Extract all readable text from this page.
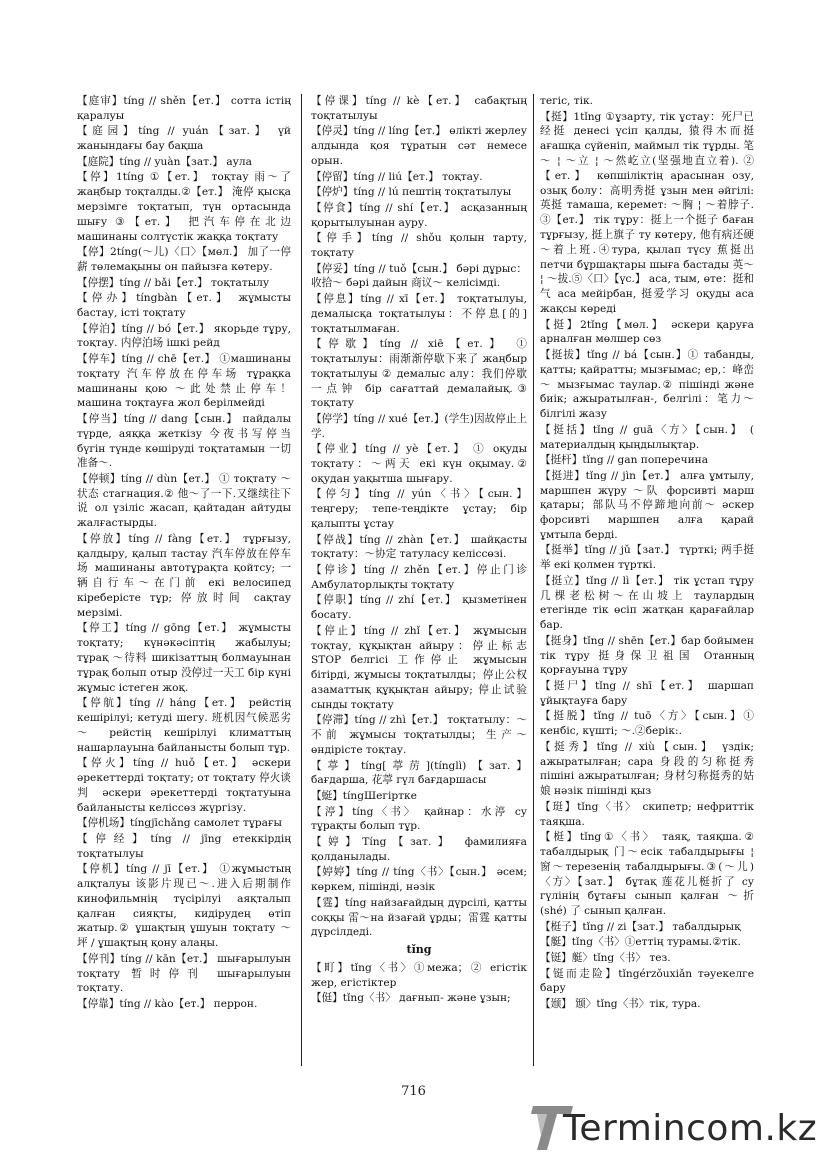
【庭审】tíng // shěn【ет.】 сотта істің қаралуы
【庭园】tíng // yuán【зат.】 үй жанындағы бау бақша
【庭院】tíng // yuàn【зат.】 аула
【停】1tíng ①【ет.】 тоқтау 雨～了 жаңбыр тоқталды.②【ет.】 淹停 қысқа мерзімге тоқтатып, түн ортасында шығу ③【ет.】 把汽车停在北边 машинаны солтүстік жаққа тоқтату
【停】2tíng(～儿)〈口〉【мөл.】 加了一停薪 төлемақыны он пайызға көтеру.
【停摆】tíng // bǎi【ет.】 тоқтатылу
【停办】tíngbàn【ет.】 жұмысты бастау, істі тоқтату
【停泊】tíng // bó【ет.】 якорьде тұру, тоқтау. 内停泊场 ішкі рейд
【停车】tíng // chē【ет.】 ①машинаны тоқтату 汽车停放在停车场 тұрақка машинаны қою ～此处禁止停车！ машина тоқтауға жол берілмейді
【停当】tíng // dang【сын.】 пайдалы түрде, аяққа жеткізу 今夜书写停当 бүгін түнде көшірудi тоқтатамын 一切准备～.
【停顿】tíng // dùn【ет.】 ① тоқтату ～状态 стагнация.② 他～了一下.又继续往下说 ол үзіліс жасап, қайтадан айтуды жалғастырды.
【停放】tíng // fàng【ет.】 тұрғызу, қалдыру, қалып тастау 汽车停放在停车场 машинаны автотұрақта қойтсу; 一辆自行车～在门前 екі велосипед кіреберісте тұр; 停放时间 сақтау мерзімі.
【停工】tíng // gōng【ет.】 жұмысты тоқтату; күнәкәсіптің жабылуы; тұрақ ～待料 шикізаттың болмауынан тұрақ болып отыр 没停过一天工 бір күні жұмыс істеген жоқ.
【停航】tíng // háng【ет.】 рейстің кешірілуі; кетуді шегу. 班机因气候恶劣～ рейстің кешірілуі климаттың нашарлауына байланысты болып тұр.
【停火】tíng // huǒ【ет.】 әскери әрекеттерді тоқтату; от тоқтату 停火谈判 әскери әрекеттерді тоқтатуына байланысты келіссөз жүргізу.
【停机场】tíngjīchǎng самолет тұрағы
【停经】tíng // jīng етеккірдің тоқтатылуы
【停机】tíng // jī【ет.】 ①жұмыстың алқталуы 该影片现已～.进入后期制作 кинофильмнің түсірілуі аяқталып қалған сияқты, кидірудең өтіп жатыр.② ұшақтың ұшуын тоқтату ～坪 / ұшақтың қону алаңы.
【停刊】tíng // kān【ет.】 шығарылуын тоқтату 暂时停刊 шығарылуын тоқтату.
【停靠】tíng // kào【ет.】 перрон.
【停课】tíng // kè【ет.】 сабақтың тоқтатылуы
【停灵】tíng // líng【ет.】 өлікті жерлеу алдында қоя тұратын сәт немесе орын.
【停留】tíng // liú【ет.】 тоқтау.
【停炉】tíng // lú пештің тоқтатылуы
【停食】tíng // shí【ет.】 асқазанның қорытылуынан ауру.
【停手】tíng // shǒu қолын тарту, тоқтату
【停妥】tíng // tuǒ【сын.】 бәрі дұрыс：收拾～ бәрі дайын 商议～ келісімді.
【停息】tíng // xī【ет.】 тоқтатылуы, демалысқа тоқтатылуы：不停息[的] тоқтатылмаған.
【停歇】tíng // xiē【ет.】 ① тоқтатылуы：雨渐渐停歇下来了 жаңбыр тоқтатылуы ② демалыс алу：我们停歇一点钟 бір сағаттай демалайық.③ тоқтату
【停学】tíng // xué【ет.】(学生)因故停止上学.
【停业】tíng // yè【ет.】 ① оқуды тоқтату：～两天 екі күн оқымау.② оқудан уақытша шығару.
【停匀】tíng // yún〈书〉【сын.】 теңгеру; тепе-теңдікте ұстау; бір қалыпты ұстау
【停战】tíng // zhàn【ет.】 шайқасты тоқтату：～协定 татуласу келіссөзі.
【停诊】tíng // zhěn【ет.】停止门诊 Амбулаторлықты тоқтату
【停职】tíng // zhí【ет.】 қызметінен босату.
【停止】tíng // zhǐ【ет.】 жұмысын тоқтау, құқықтан айыру：停止标志 STOP белгісі 工作停止 жұмысын бітірді, жұмысы тоқтатылды；停止公权 азаматтық құқықтан айыру; 停止试验 сынды тоқтату
【停滞】tíng // zhì【ет.】 тоқтатылу：～不前 жұмысы тоқтатылды；生产～ өндірісте тоқтау.
【葶】tíng[葶苈](tínglì)【зат.】 бағдарша, 花葶 гүл бағдаршасы
【蜓】tíngШегіртке
【渟】tíng〈书〉 қайнар：水渟 су тұрақты болып тұр.
【婷】Tíng【зат.】 фамилияға қолданылады.
【婷婷】tíng // tíng〈书〉【сын.】 әсем; көркем, пішінді, нәзік
【霆】tíng найзағайдың дүрсілі, қатты соққы 雷～на йзағай ұрды；雷霆 қатты дүрсілдеді.
tǐng
【町】tǐng〈书〉①межа；② егістік жер, егістіктер
【侹】tǐng〈书〉 дағнып- және ұзын;
тегіс, тік.
【挺】1tǐng ①ұзарту, тік ұстау：死尸已经挺 денесі үсіп қалды, 猿得木而挺 ағашқа сүйеніп, маймыл тік тұрды. 笔～ ¦ ～立 ¦ ～然屹立(坚强地直立着). ②【ет.】 көпшіліктің арасынан озу, озық болу：高明秀挺 ұзын мен әйгілі: 英挺 тамаша, керемет: ～胸 ¦ ～着脖子. ③【ет.】 тік тұру：挺上一个挺子 баған тұрғызу, 挺上旗子 ту көтеру, 他有病还硬～着上班.④тура, қылап түсу 蕉挺出 петчи бұршақтары шыға бастады 英～ ¦ ～拔.⑤〈口〉【үс.】 аса, тым, өте：挺和气 аса мейірбан, 挺爱学习 оқуды аса жақсы көреді
【挺】2tǐng【мөл.】 әскери қаруға арналған мөлшер сөз
【挺拔】tǐng // bá【сын.】① табанды, қатты; қайратты; мызғымас; ер,：峰峦～ мызғымас таулар.② пішінді және биік; ажыратылған-, белгілі：笔力～ білгілі жазу
【挺括】tǐng // guā〈方〉【сын.】 ( материалдың қыңдылықтар.
【挺杆】tǐng // gan поперечина
【挺进】tǐng // jìn【ет.】 алға ұмтылу, маршпен жүру ～队 форсивті марш қатары；部队马不停蹄地向前～ әскер форсивті маршпен алға қарай ұмтыла берді.
【挺举】tǐng // jǔ【зат.】 түрткі; 两手挺举 екі қолмен түрткі.
【挺立】tǐng // lì【ет.】 тік ұстап тұру 几棵老松树～在山坡上 таулардың етегінде тік өсіп жатқан қарағайлар бар.
【挺身】tǐng // shēn【ет.】бар бойымен тік тұру 挺身保卫祖国 Отанның қорғауына тұру
【挺尸】tǐng // shī【ет.】 шаршап ұйықтауға бару
【挺脱】tǐng // tuō〈方〉【сын.】① кенбіс, күшті; ～.②берік:.
【挺秀】tǐng // xiù【сын.】 үздік; ажыратылған; сара 身段的匀称挺秀 пішіні ажыратылған; 身材匀称挺秀的姑娘 нәзік пішінді қыз
【珽】tǐng〈书〉 скипетр; нефриттік таяқша.
【梃】tǐng①〈书〉 таяқ, таяқша.② табалдырық 门～есік табалдырығы ¦ 窗～терезенің табалдырығы.③(～儿)〈方〉【зат.】 бұтақ 莲花儿梃折了 су гүлінің бұтағы сынып қалған ～折(shé) 了 сынып қалған.
【梃子】tǐng // zi【зат.】 табалдырық
【艇】tǐng〈书〉①еттің турамы.②тік.
【铤】艇〉tǐng〈书〉 тез.
【铤而走险】tǐngérzǒuxiǎn тәуекелге бару
【颋】 颋〉tǐng〈书〉тік, тура.
716
Termincom.kz
